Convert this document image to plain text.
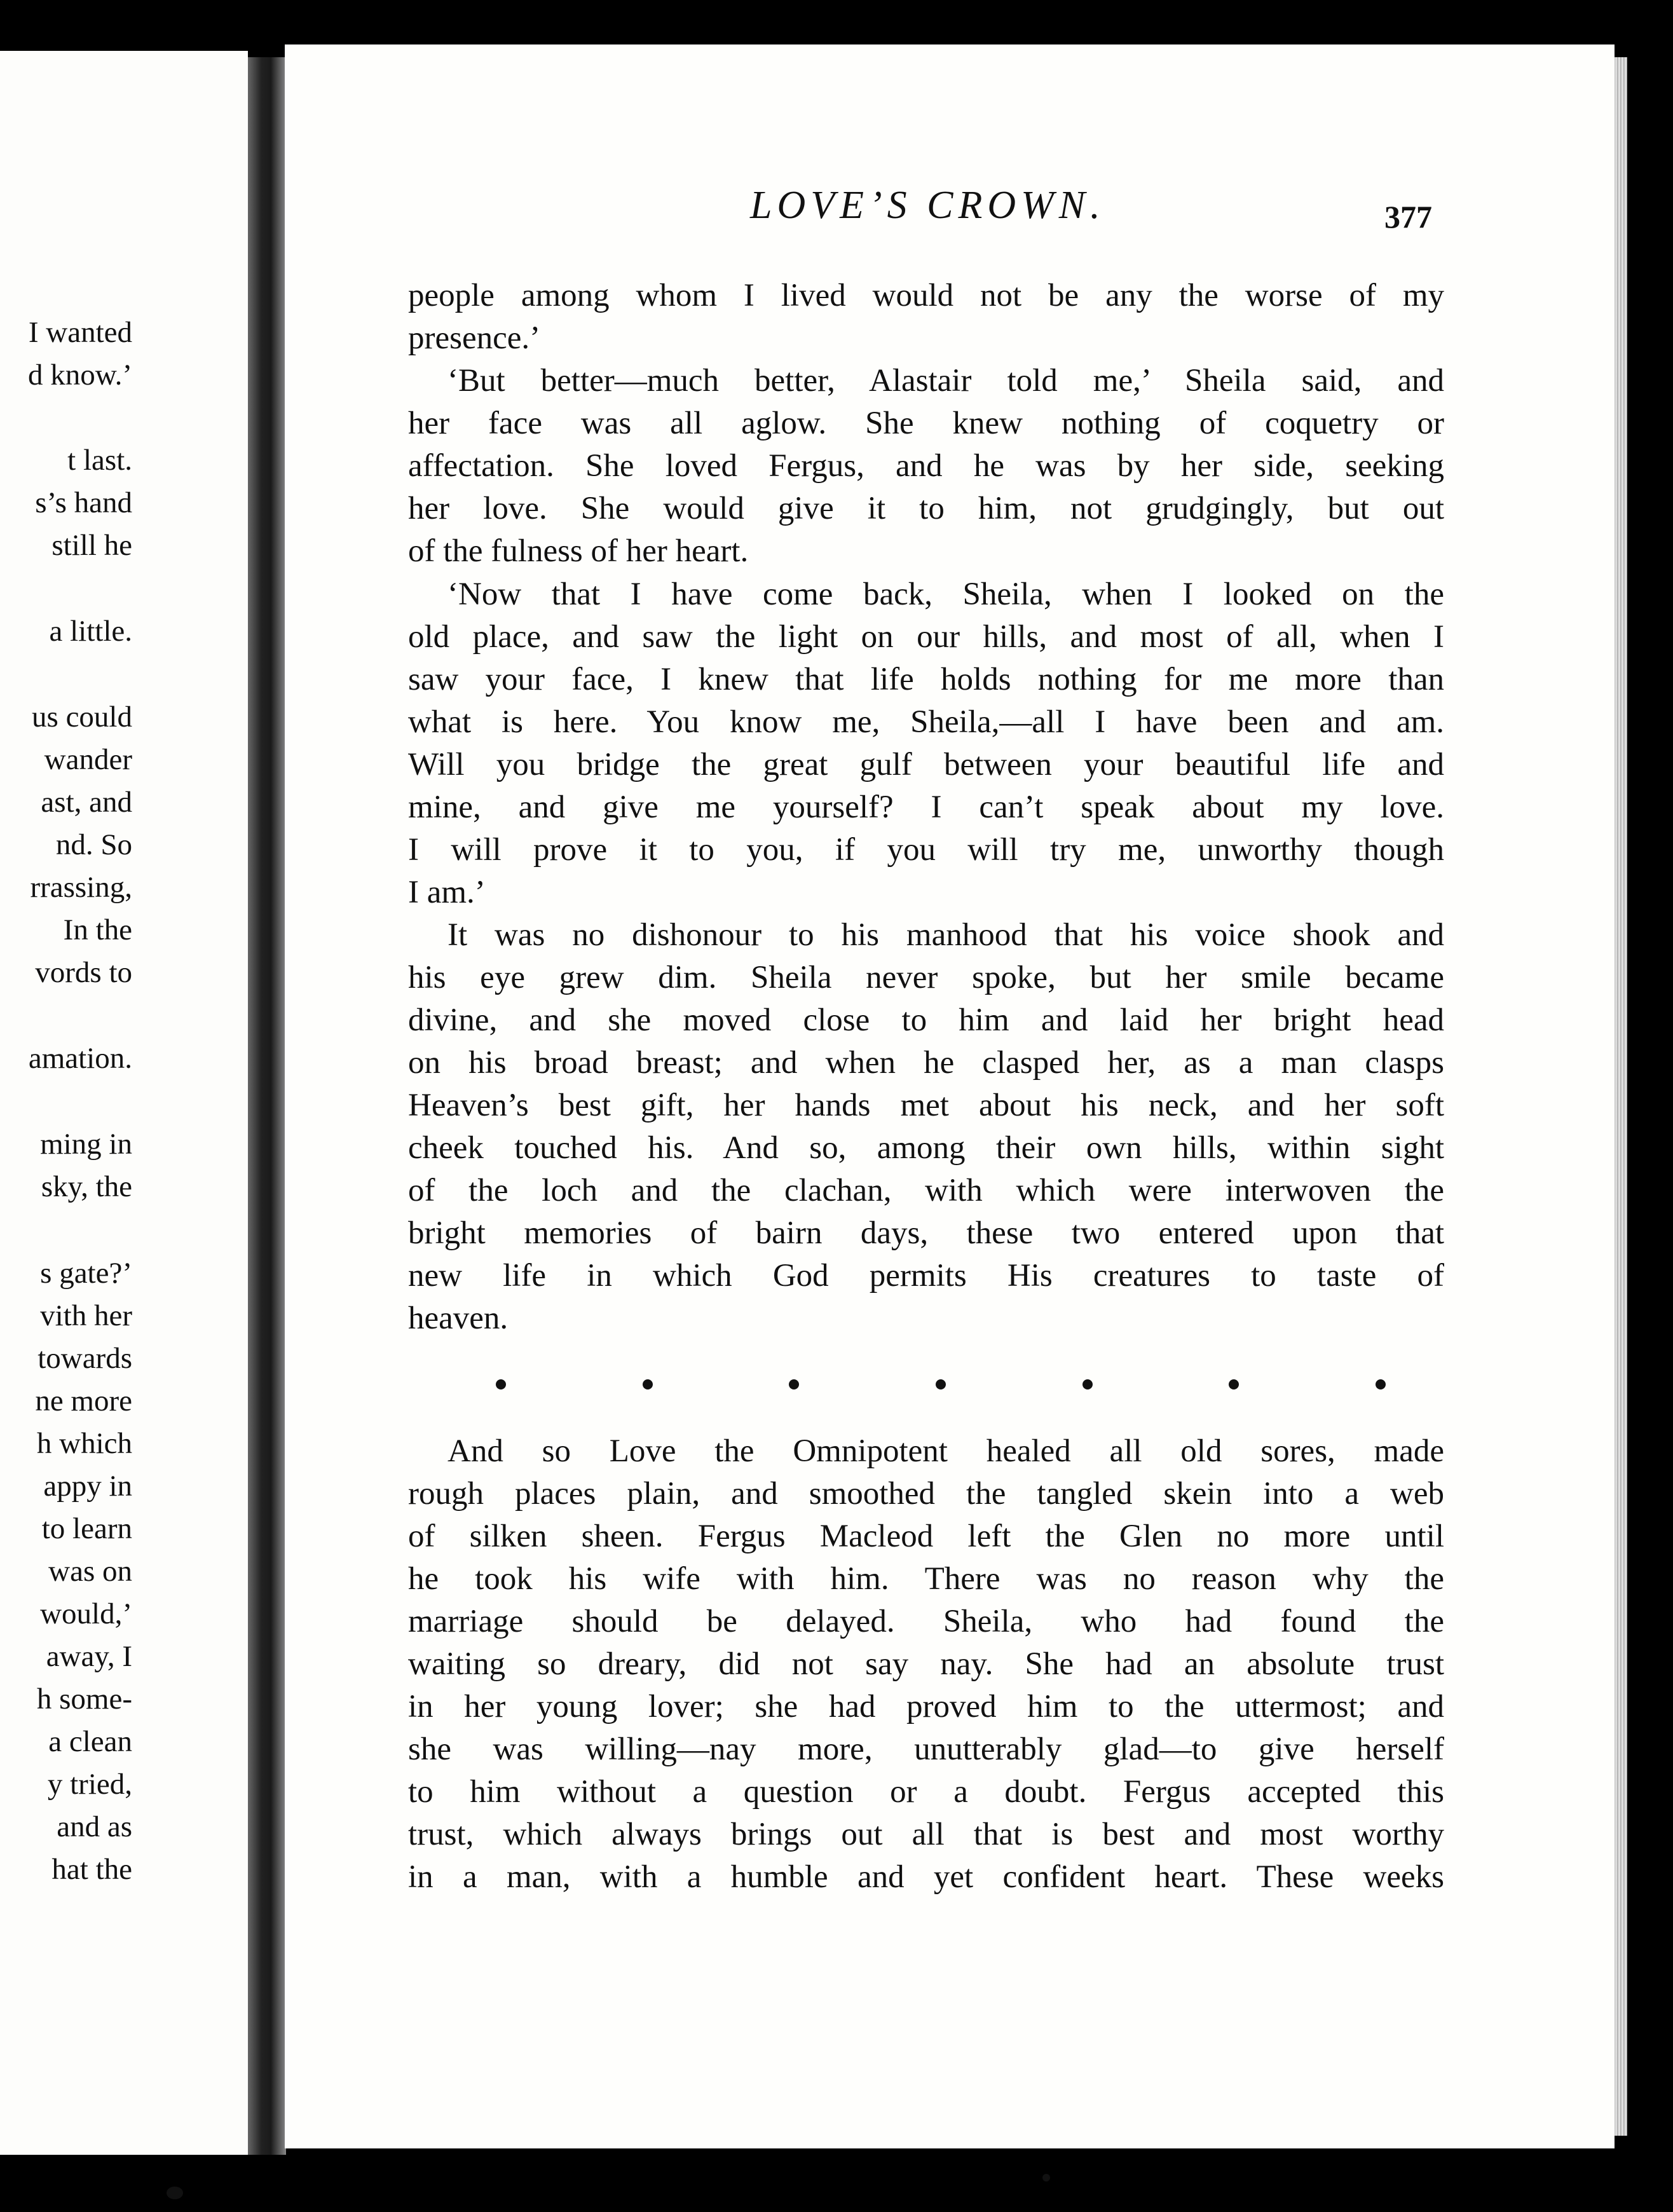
I wanted
d know.’
t last.
s’s hand
still he
a little.
us could
wander
ast, and
nd. So
rrassing,
In the
vords to
amation.
ming in
sky, the
s gate?’
vith her
towards
ne more
h which
appy in
to learn
was on
would,’
away, I
h some-
a clean
y tried,
and as
hat the
LOVE’S CROWN.	377
people among whom I lived would not be any the worse of my
presence.’
‘But better—much better, Alastair told me,’ Sheila said, and
her face was all aglow. She knew nothing of coquetry or
affectation. She loved Fergus, and he was by her side, seeking
her love. She would give it to him, not grudgingly, but out
of the fulness of her heart.
‘Now that I have come back, Sheila, when I looked on the
old place, and saw the light on our hills, and most of all, when I
saw your face, I knew that life holds nothing for me more than
what is here. You know me, Sheila,—all I have been and am.
Will you bridge the great gulf between your beautiful life and
mine, and give me yourself? I can’t speak about my love.
I will prove it to you, if you will try me, unworthy though
I am.’
It was no dishonour to his manhood that his voice shook and
his eye grew dim. Sheila never spoke, but her smile became
divine, and she moved close to him and laid her bright head
on his broad breast; and when he clasped her, as a man clasps
Heaven’s best gift, her hands met about his neck, and her soft
cheek touched his. And so, among their own hills, within sight
of the loch and the clachan, with which were interwoven the
bright memories of bairn days, these two entered upon that
new life in which God permits His creatures to taste of
heaven.
And so Love the Omnipotent healed all old sores, made
rough places plain, and smoothed the tangled skein into a web
of silken sheen. Fergus Macleod left the Glen no more until
he took his wife with him. There was no reason why the
marriage should be delayed. Sheila, who had found the
waiting so dreary, did not say nay. She had an absolute trust
in her young lover; she had proved him to the uttermost; and
she was willing—nay more, unutterably glad—to give herself
to him without a question or a doubt. Fergus accepted this
trust, which always brings out all that is best and most worthy
in a man, with a humble and yet confident heart. These weeks
